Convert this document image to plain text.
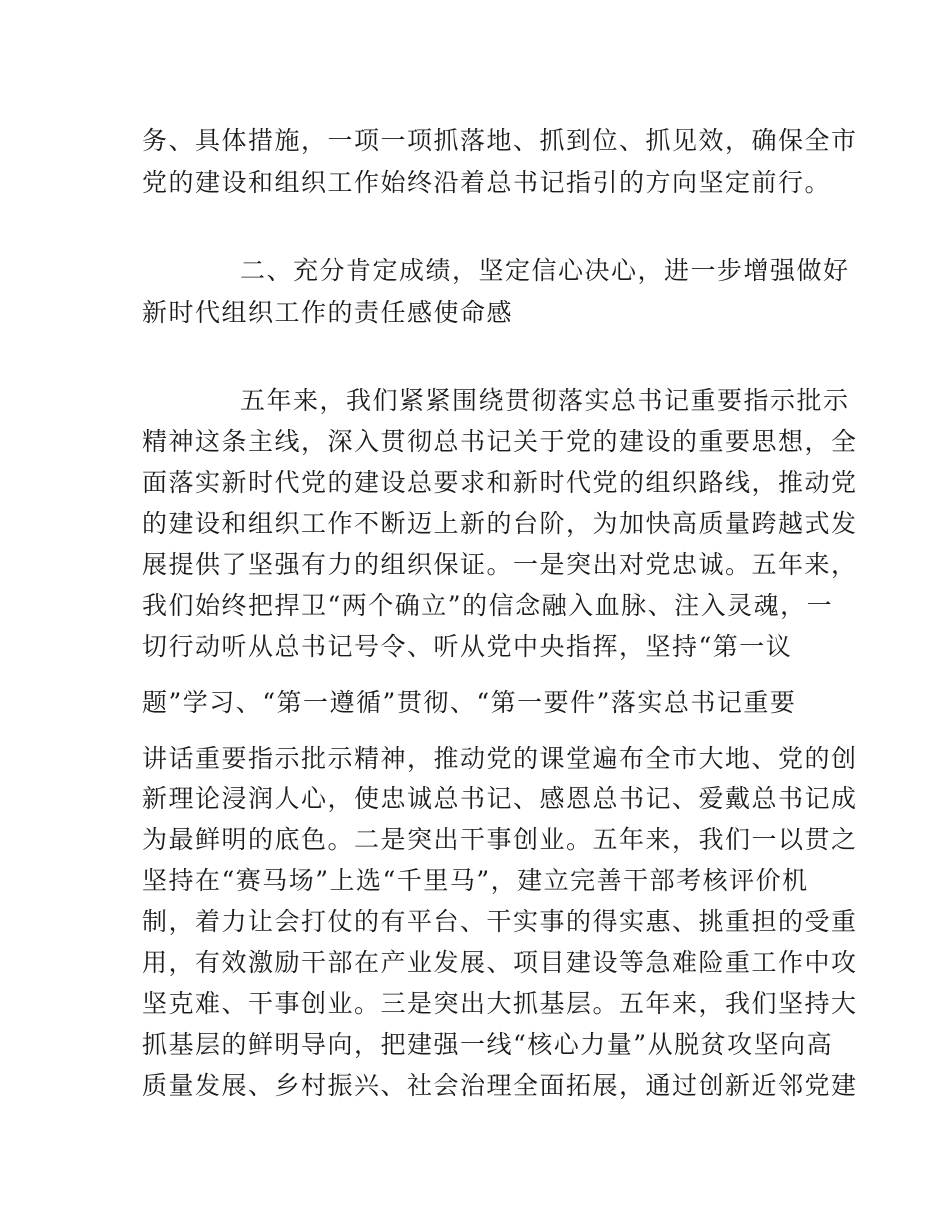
务、具体措施，一项一项抓落地、抓到位、抓见效，确保全市
党的建设和组织工作始终沿着总书记指引的方向坚定前行。
二、充分肯定成绩，坚定信心决心，进一步增强做好
新时代组织工作的责任感使命感
五年来，我们紧紧围绕贯彻落实总书记重要指示批示
精神这条主线，深入贯彻总书记关于党的建设的重要思想，全
面落实新时代党的建设总要求和新时代党的组织路线，推动党
的建设和组织工作不断迈上新的台阶，为加快高质量跨越式发
展提供了坚强有力的组织保证。一是突出对党忠诚。五年来，
我们始终把捍卫“两个确立”的信念融入血脉、注入灵魂，一
切行动听从总书记号令、听从党中央指挥，坚持“第一议
题”学习、“第一遵循”贯彻、“第一要件”落实总书记重要
讲话重要指示批示精神，推动党的课堂遍布全市大地、党的创
新理论浸润人心，使忠诚总书记、感恩总书记、爱戴总书记成
为最鲜明的底色。二是突出干事创业。五年来，我们一以贯之
坚持在“赛马场”上选“千里马”，建立完善干部考核评价机
制，着力让会打仗的有平台、干实事的得实惠、挑重担的受重
用，有效激励干部在产业发展、项目建设等急难险重工作中攻
坚克难、干事创业。三是突出大抓基层。五年来，我们坚持大
抓基层的鲜明导向，把建强一线“核心力量”从脱贫攻坚向高
质量发展、乡村振兴、社会治理全面拓展，通过创新近邻党建
